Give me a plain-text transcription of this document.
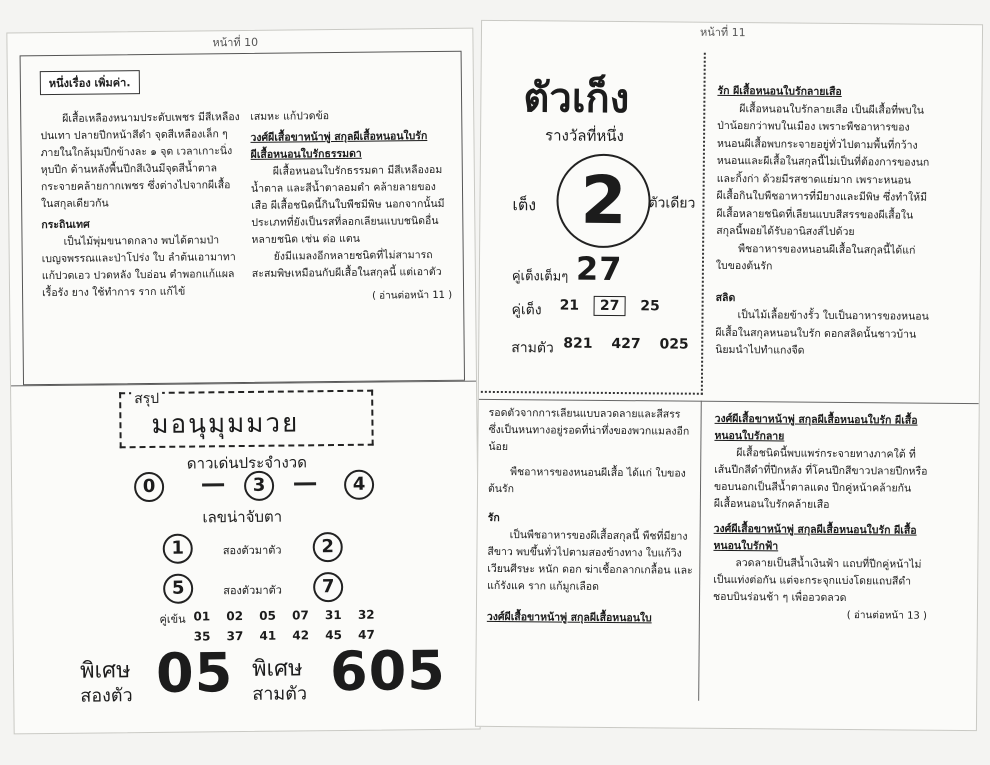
หน้าที่ 10
หนึ่งเรื่อง เพิ่มค่า.

ผีเสื้อเหลืองหนามประดับเพชร มีสีเหลืองปนเทา ปลายปีกหน้าสีดำ จุดสีเหลืองเล็ก ๆ ภายในใกล้มุมปีกข้างละ ๑ จุด เวลาเกาะนิ่งหุบปีก ด้านหลังพื้นปีกสีเงินมีจุดสีน้ำตาลกระจายคล้ายกากเพชร ซึ่งต่างไปจากผีเสื้อในสกุลเดียวกัน

กระถินเทศ

เป็นไม้พุ่มขนาดกลาง พบได้ตามป่าเบญจพรรณและป่าโปร่ง ใบ ลำต้นเอามาทาแก้ปวดเอว ปวดหลัง ใบอ่อน ตำพอกแก้แผลเรื้อรัง ยาง ใช้ทำการ ราก แก้ไข้

เสมหะ แก้ปวดข้อ
วงศ์ผีเสื้อขาหน้าพู่ สกุลผีเสื้อหนอนใบรัก ผีเสื้อหนอนใบรักธรรมดา

ผีเสื้อหนอนใบรักธรรมดา มีสีเหลืองอมน้ำตาล และสีน้ำตาลอมดำ คล้ายลายของเสือ ผีเสื้อชนิดนี้กินใบพืชมีพิษ นอกจากนั้นมีประเภทที่ยังเป็นรสที่ลอกเลียนแบบชนิดอื่น หลายชนิด เช่น ต่อ แตน

ยังมีแมลงอีกหลายชนิดที่ไม่สามารถสะสมพิษเหมือนกับผีเสื้อในสกุลนี้ แต่เอาตัว

( อ่านต่อหน้า 11 )
สรุป
มอนุมุมมวย
ดาวเด่นประจำงวด
0	3	4
เลขน่าจับตา
1	สองตัวมาตัว	2
5	สองตัวมาตัว	7
คู่เข้น 01 02 05 07 31 32
35 37 41 42 45 47
พิเศษ
สองตัว 05 พิเศษ
สามตัว 605
หน้าที่ 11
ตัวเก็ง
รางวัลที่หนึ่ง
เต็ง 2	ตัวเดียว
คู่เต็งเต็มๆ 27
คู่เต็ง 21 27 25
สามตัว 821 427 025
รัก ผีเสื้อหนอนใบรักลายเสือ

ผีเสื้อหนอนใบรักลายเสือ เป็นผีเสื้อที่พบในป่าน้อยกว่าพบในเมือง เพราะพืชอาหารของหนอนผีเสื้อพบกระจายอยู่ทั่วไปตามพื้นที่กว้าง หนอนและผีเสื้อในสกุลนี้ไม่เป็นที่ต้องการของนกและกิ้งก่า ด้วยมีรสชาดแย่มาก เพราะหนอนผีเสื้อกินใบพืชอาหารที่มียางและมีพิษ ซึ่งทำให้มีผีเสื้อหลายชนิดที่เลียนแบบสีสรรของผีเสื้อในสกุลนี้พอยได้รับอานิสงส์ไปด้วย

พืชอาหารของหนอนผีเสื้อในสกุลนี้ได้แก่ ใบของต้นรัก

สลิด

เป็นไม้เลื้อยข้างรั้ว ใบเป็นอาหารของหนอนผีเสื้อในสกุลหนอนใบรัก ดอกสลิดนั้นชาวบ้านนิยมนำไปทำแกงจืด

รอดตัวจากการเลียนแบบลวดลายและสีสรร ซึ่งเป็นหนทางอยู่รอดที่น่าทึ่งของพวกแมลงอีกน้อย

พืชอาหารของหนอนผีเสื้อ ได้แก่ ใบของต้นรัก

รัก

เป็นพืชอาหารของผีเสื้อสกุลนี้ พืชที่มียางสีขาว พบขึ้นทั่วไปตามสองข้างทาง ใบแก้วิงเวียนศีรษะ หนัก ดอก ฆ่าเชื้อกลากเกลื้อน และแก้รังแค ราก แก้มูกเลือด

วงศ์ผีเสื้อขาหน้าพู่ สกุลผีเสื้อหนอนใบ
วงศ์ผีเสื้อขาหน้าพู่ สกุลผีเสื้อหนอนใบรัก ผีเสื้อหนอนใบรักลาย

ผีเสื้อชนิดนี้พบแพร่กระจายทางภาคใต้ ที่เส้นปีกสีดำที่ปีกหลัง ที่โคนปีกสีขาวปลายปีกหรือขอบนอกเป็นสีน้ำตาลแดง ปีกคู่หน้าคล้ายกัน ผีเสื้อหนอนใบรักคล้ายเสือ

วงศ์ผีเสื้อขาหน้าพู่ สกุลผีเสื้อหนอนใบรัก ผีเสื้อหนอนใบรักฟ้า

ลวดลายเป็นสีน้ำเงินฟ้า แถบที่ปีกคู่หน้าไม่เป็นแท่งต่อกัน แต่จะกระจุกแบ่งโดยแถบสีดำ ชอบบินร่อนช้า ๆ เพื่ออวดลวด

( อ่านต่อหน้า 13 )
